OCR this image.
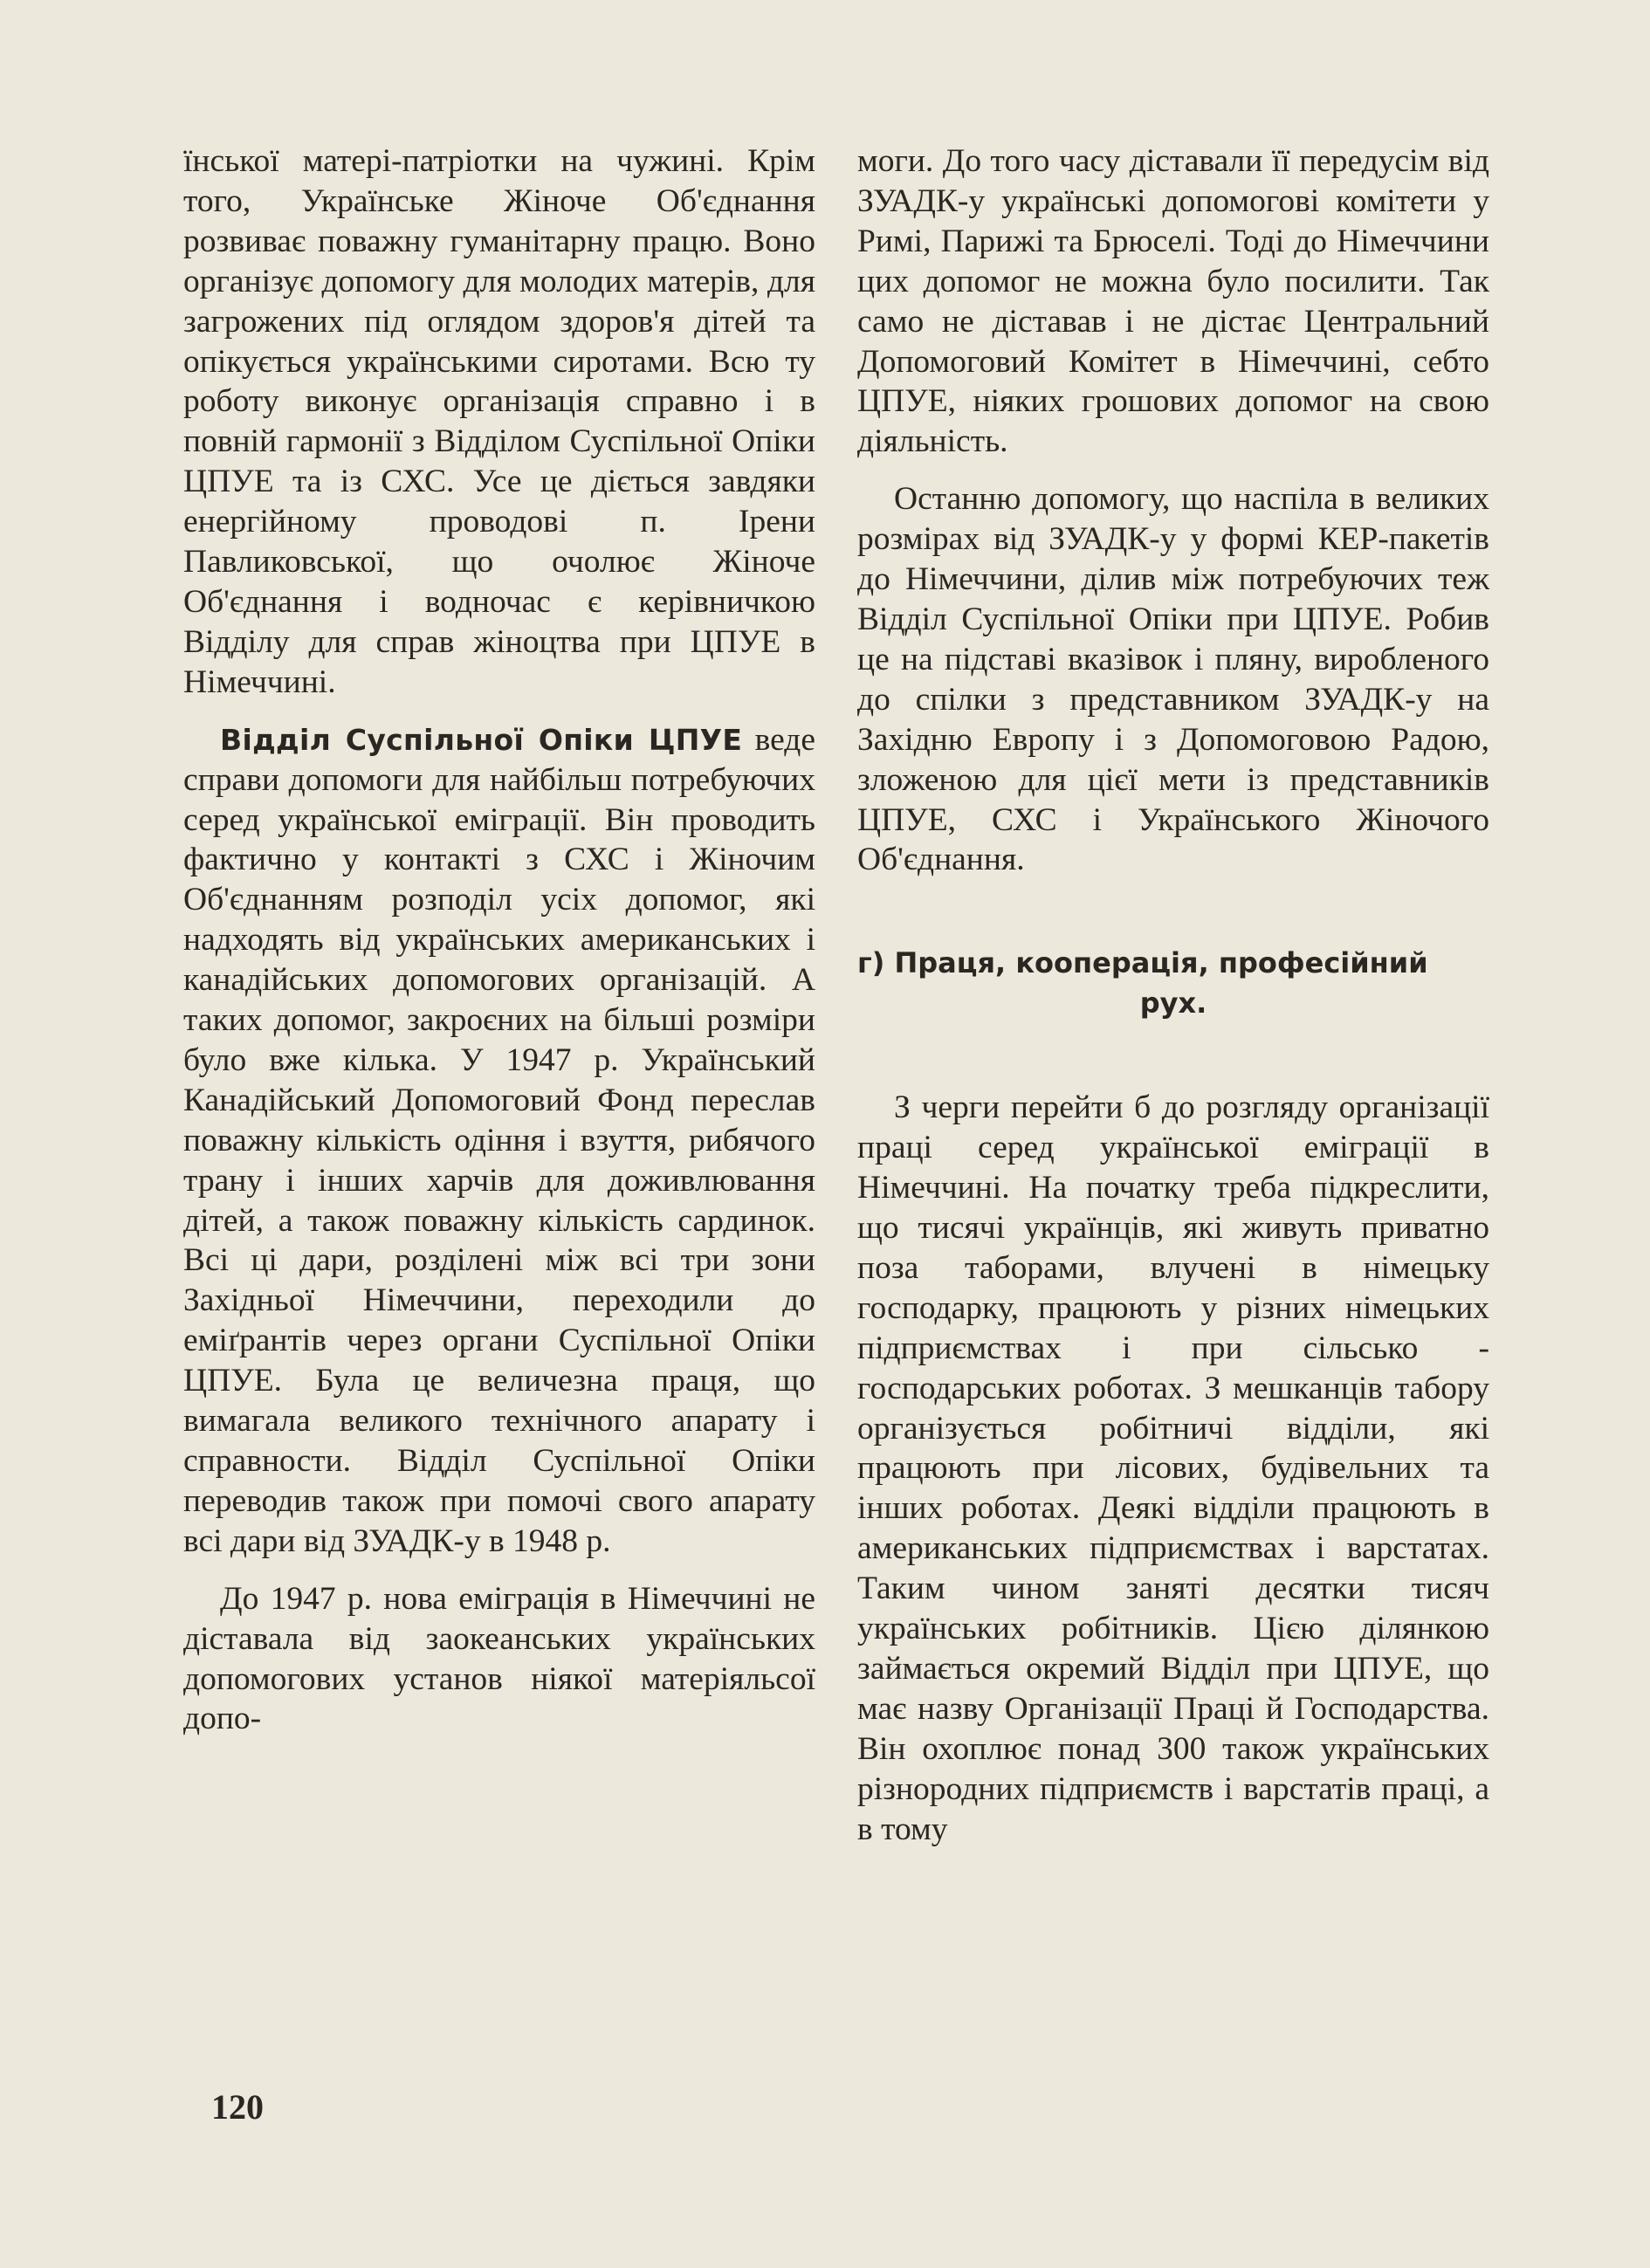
їнської матері-патріотки на чужині. Крім того, Українське Жіноче Об'єднання розвиває поважну гуманітарну працю. Воно організує допомогу для молодих матерів, для загрожених під оглядом здоров'я дітей та опікується українськими сиротами. Всю ту роботу виконує організація справно і в повній гармонії з Відділом Суспільної Опіки ЦПУЕ та із СХС. Усе це діється завдяки енергійному проводові п. Ірени Павликовської, що очолює Жіноче Об'єднання і водночас є керівничкою Відділу для справ жіноцтва при ЦПУЕ в Німеччині.

Відділ Суспільної Опіки ЦПУЕ веде справи допомоги для найбільш потребуючих серед української еміграції. Він проводить фактично у контакті з СХС і Жіночим Об'єднанням розподіл усіх допомог, які надходять від українських американських і канадійських допомогових організацій. А таких допомог, закроєних на більші розміри було вже кілька. У 1947 р. Український Канадійський Допомоговий Фонд переслав поважну кількість одіння і взуття, рибячого трану і інших харчів для доживлювання дітей, а також поважну кількість сардинок. Всі ці дари, розділені між всі три зони Західньої Німеччини, переходили до еміґрантів через органи Суспільної Опіки ЦПУЕ. Була це величезна праця, що вимагала великого технічного апарату і справности. Відділ Суспільної Опіки переводив також при помочі свого апарату всі дари від ЗУАДК-у в 1948 р.

До 1947 р. нова еміграція в Німеччині не діставала від заокеанських українських допомогових установ ніякої матеріяльсої допо-

моги. До того часу діставали її передусім від ЗУАДК-у українські допомогові комітети у Римі, Парижі та Брюселі. Тоді до Німеччини цих допомог не можна було посилити. Так само не діставав і не дістає Центральний Допомоговий Комітет в Німеччині, себто ЦПУЕ, ніяких грошових допомог на свою діяльність.

Останню допомогу, що наспіла в великих розмірах від ЗУАДК-у у формі КЕР-пакетів до Німеччини, ділив між потребуючих теж Відділ Суспільної Опіки при ЦПУЕ. Робив це на підставі вказівок і пляну, виробленого до спілки з представником ЗУАДК-у на Західню Европу і з Допомоговою Радою, зложеною для цієї мети із представників ЦПУЕ, СХС і Українського Жіночого Об'єднання.

г) Праця, кооперація, професійний

рух.

З черги перейти б до розгляду організації праці серед української еміграції в Німеччині. На початку треба підкреслити, що тисячі українців, які живуть приватно поза таборами, влучені в німецьку господарку, працюють у різних німецьких підприємствах і при сільсько - господарських роботах. З мешканців табору організується робітничі відділи, які працюють при лісових, будівельних та інших роботах. Деякі відділи працюють в американських підприємствах і варстатах. Таким чином заняті десятки тисяч українських робітників. Цією ділянкою займається окремий Відділ при ЦПУЕ, що має назву Організації Праці й Господарства. Він охоплює понад 300 також українських різнородних підприємств і варстатів праці, а в тому

120
